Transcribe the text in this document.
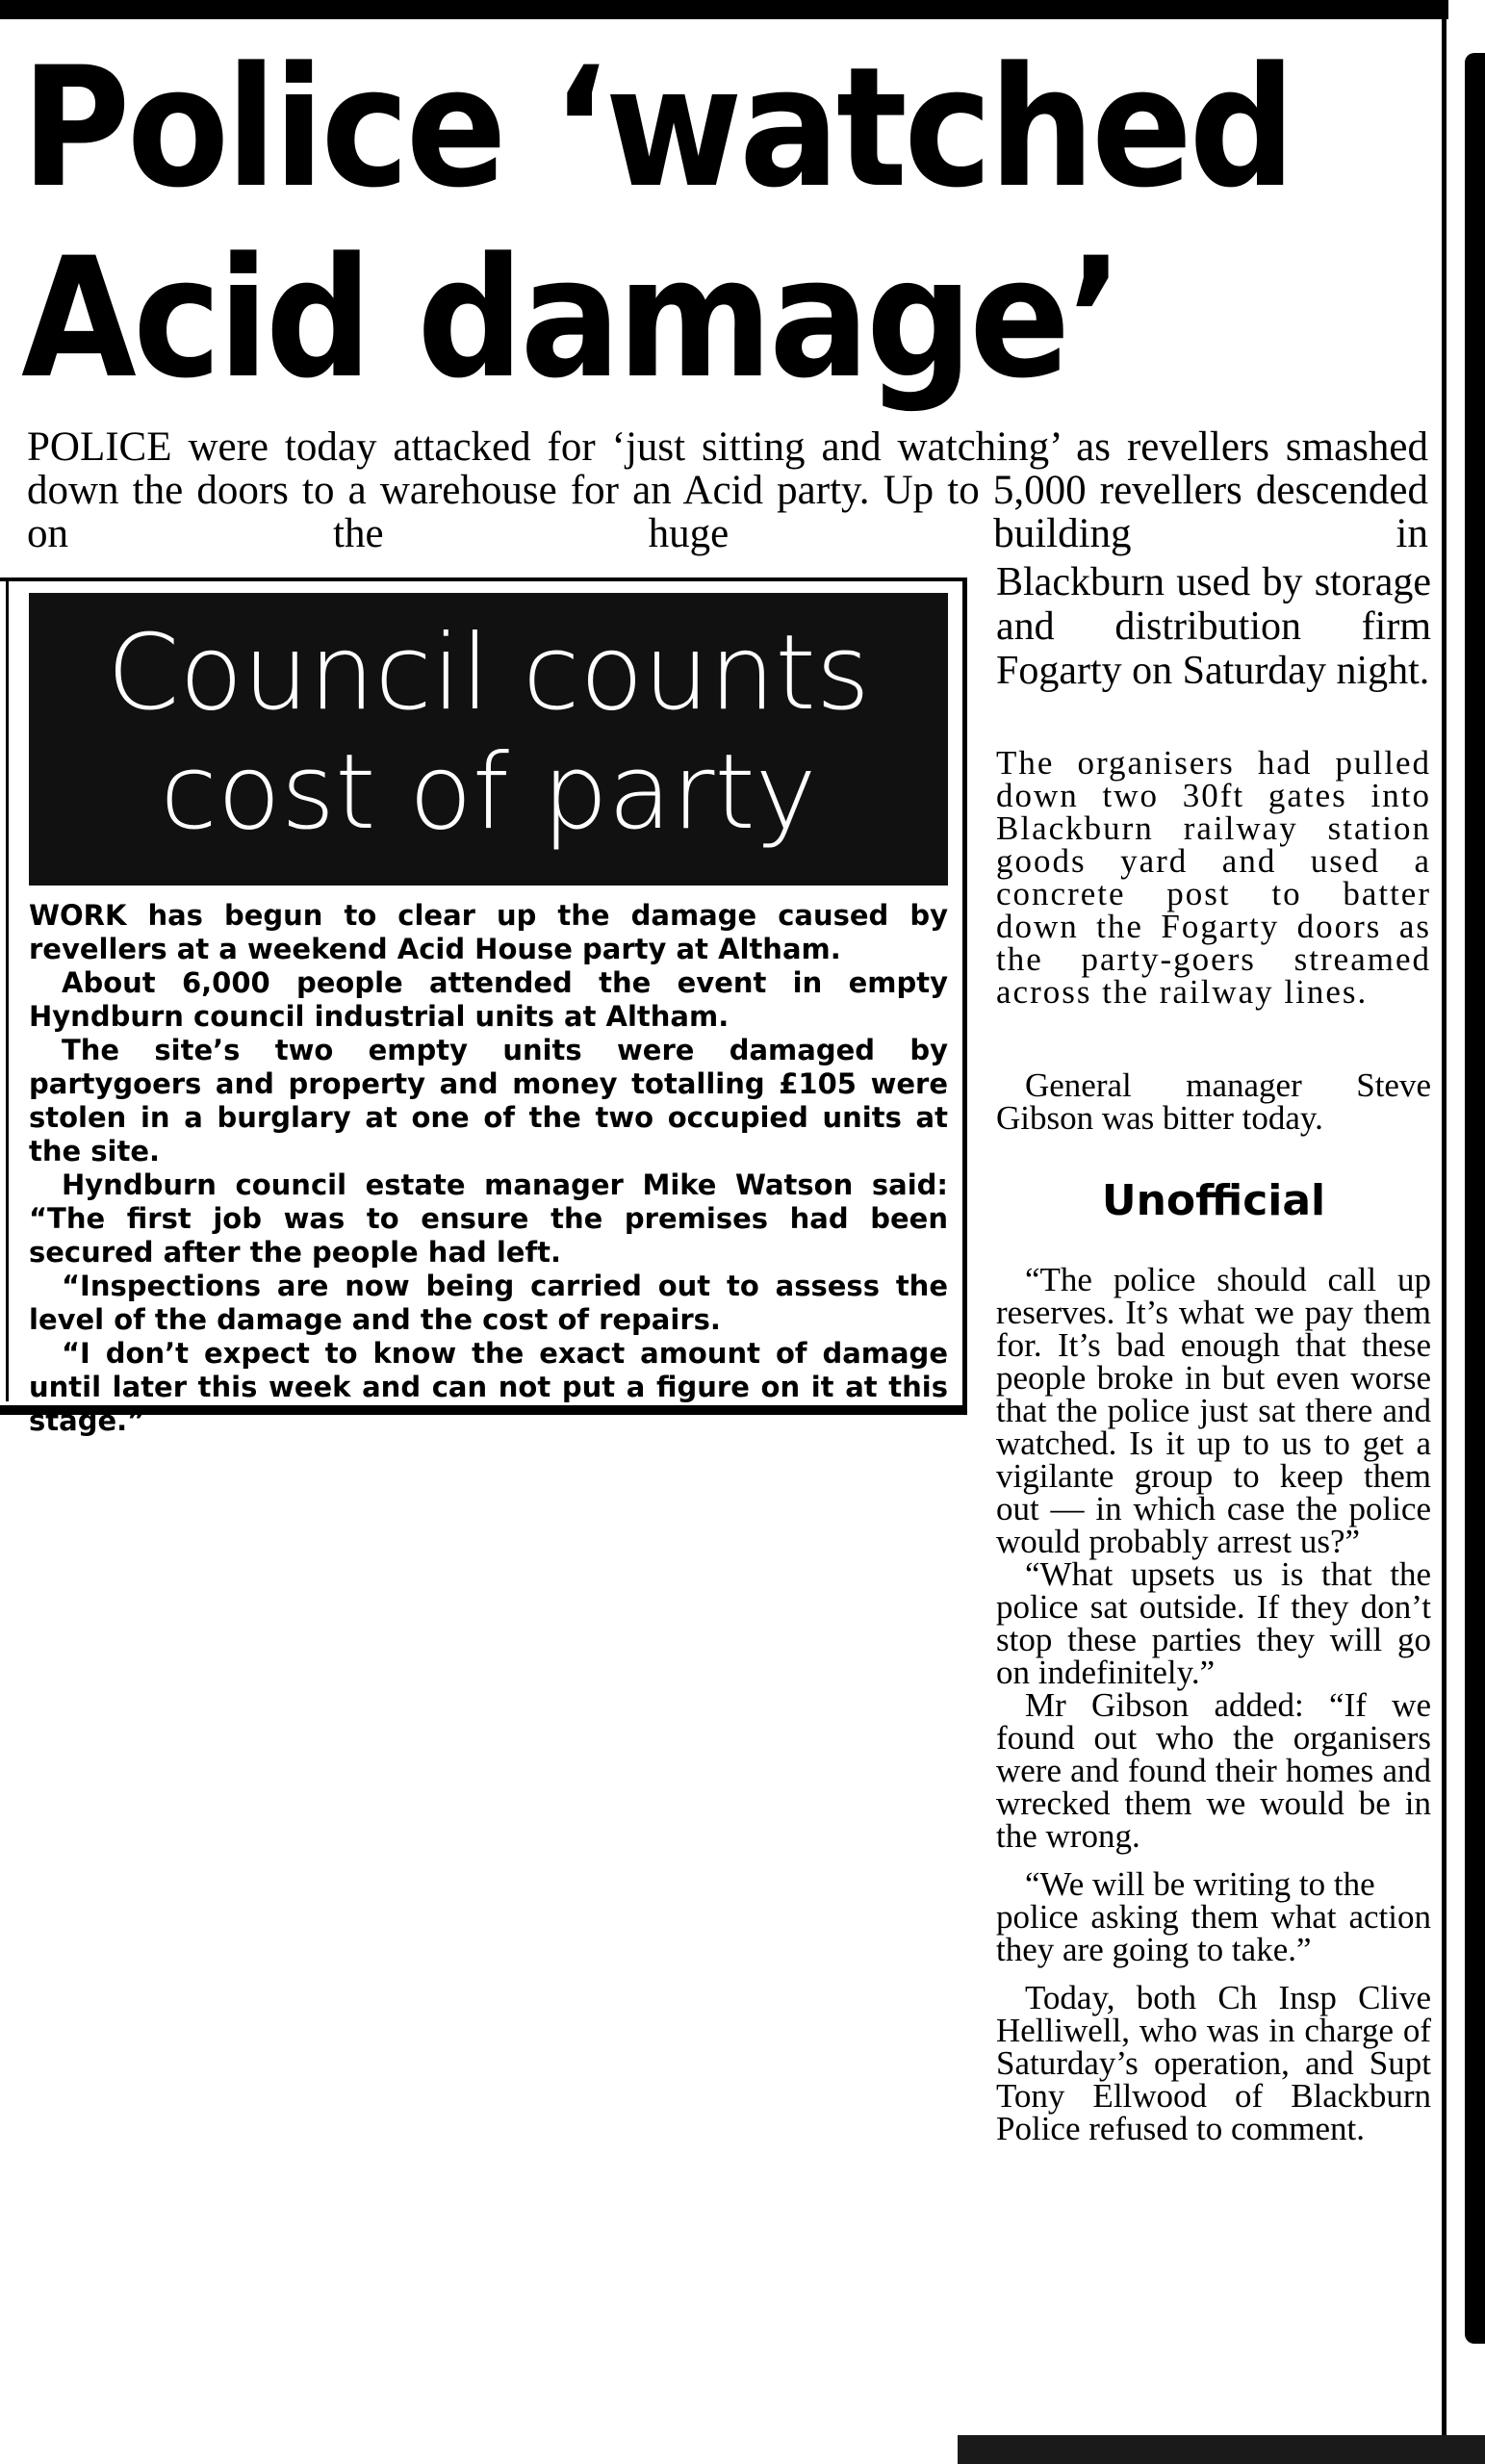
Police ‘watched
Acid damage’
POLICE were today attacked for ‘just sitting and watching’ as revellers smashed down the doors to a warehouse for an Acid party. Up to 5,000 revellers descended on the huge building in
Council counts
cost of party

WORK has begun to clear up the damage caused by revellers at a weekend Acid House party at Altham.

About 6,000 people attended the event in empty Hyndburn council industrial units at Altham.

The site’s two empty units were damaged by partygoers and property and money totalling £105 were stolen in a burglary at one of the two occupied units at the site.

Hyndburn council estate manager Mike Watson said: “The first job was to ensure the premises had been secured after the people had left.

“Inspections are now being carried out to assess the level of the damage and the cost of repairs.

“I don’t expect to know the exact amount of damage until later this week and can not put a figure on it at this stage.”

Blackburn used by storage and distribution firm Fogarty on Saturday night.

The organisers had pulled down two 30ft gates into Blackburn railway station goods yard and used a concrete post to batter down the Fogarty doors as the party-goers streamed across the railway lines.

General manager Steve Gibson was bitter today.

Unofficial

“The police should call up reserves. It’s what we pay them for. It’s bad enough that these people broke in but even worse that the police just sat there and watched. Is it up to us to get a vigilante group to keep them out — in which case the police would probably arrest us?”

“What upsets us is that the police sat outside. If they don’t stop these parties they will go on indefinitely.”

Mr Gibson added: “If we found out who the organisers were and found their homes and wrecked them we would be in the wrong.

“We will be writing to the

police asking them what action they are going to take.”

Today, both Ch Insp Clive Helliwell, who was in charge of Saturday’s operation, and Supt Tony Ellwood of Blackburn Police refused to comment.
